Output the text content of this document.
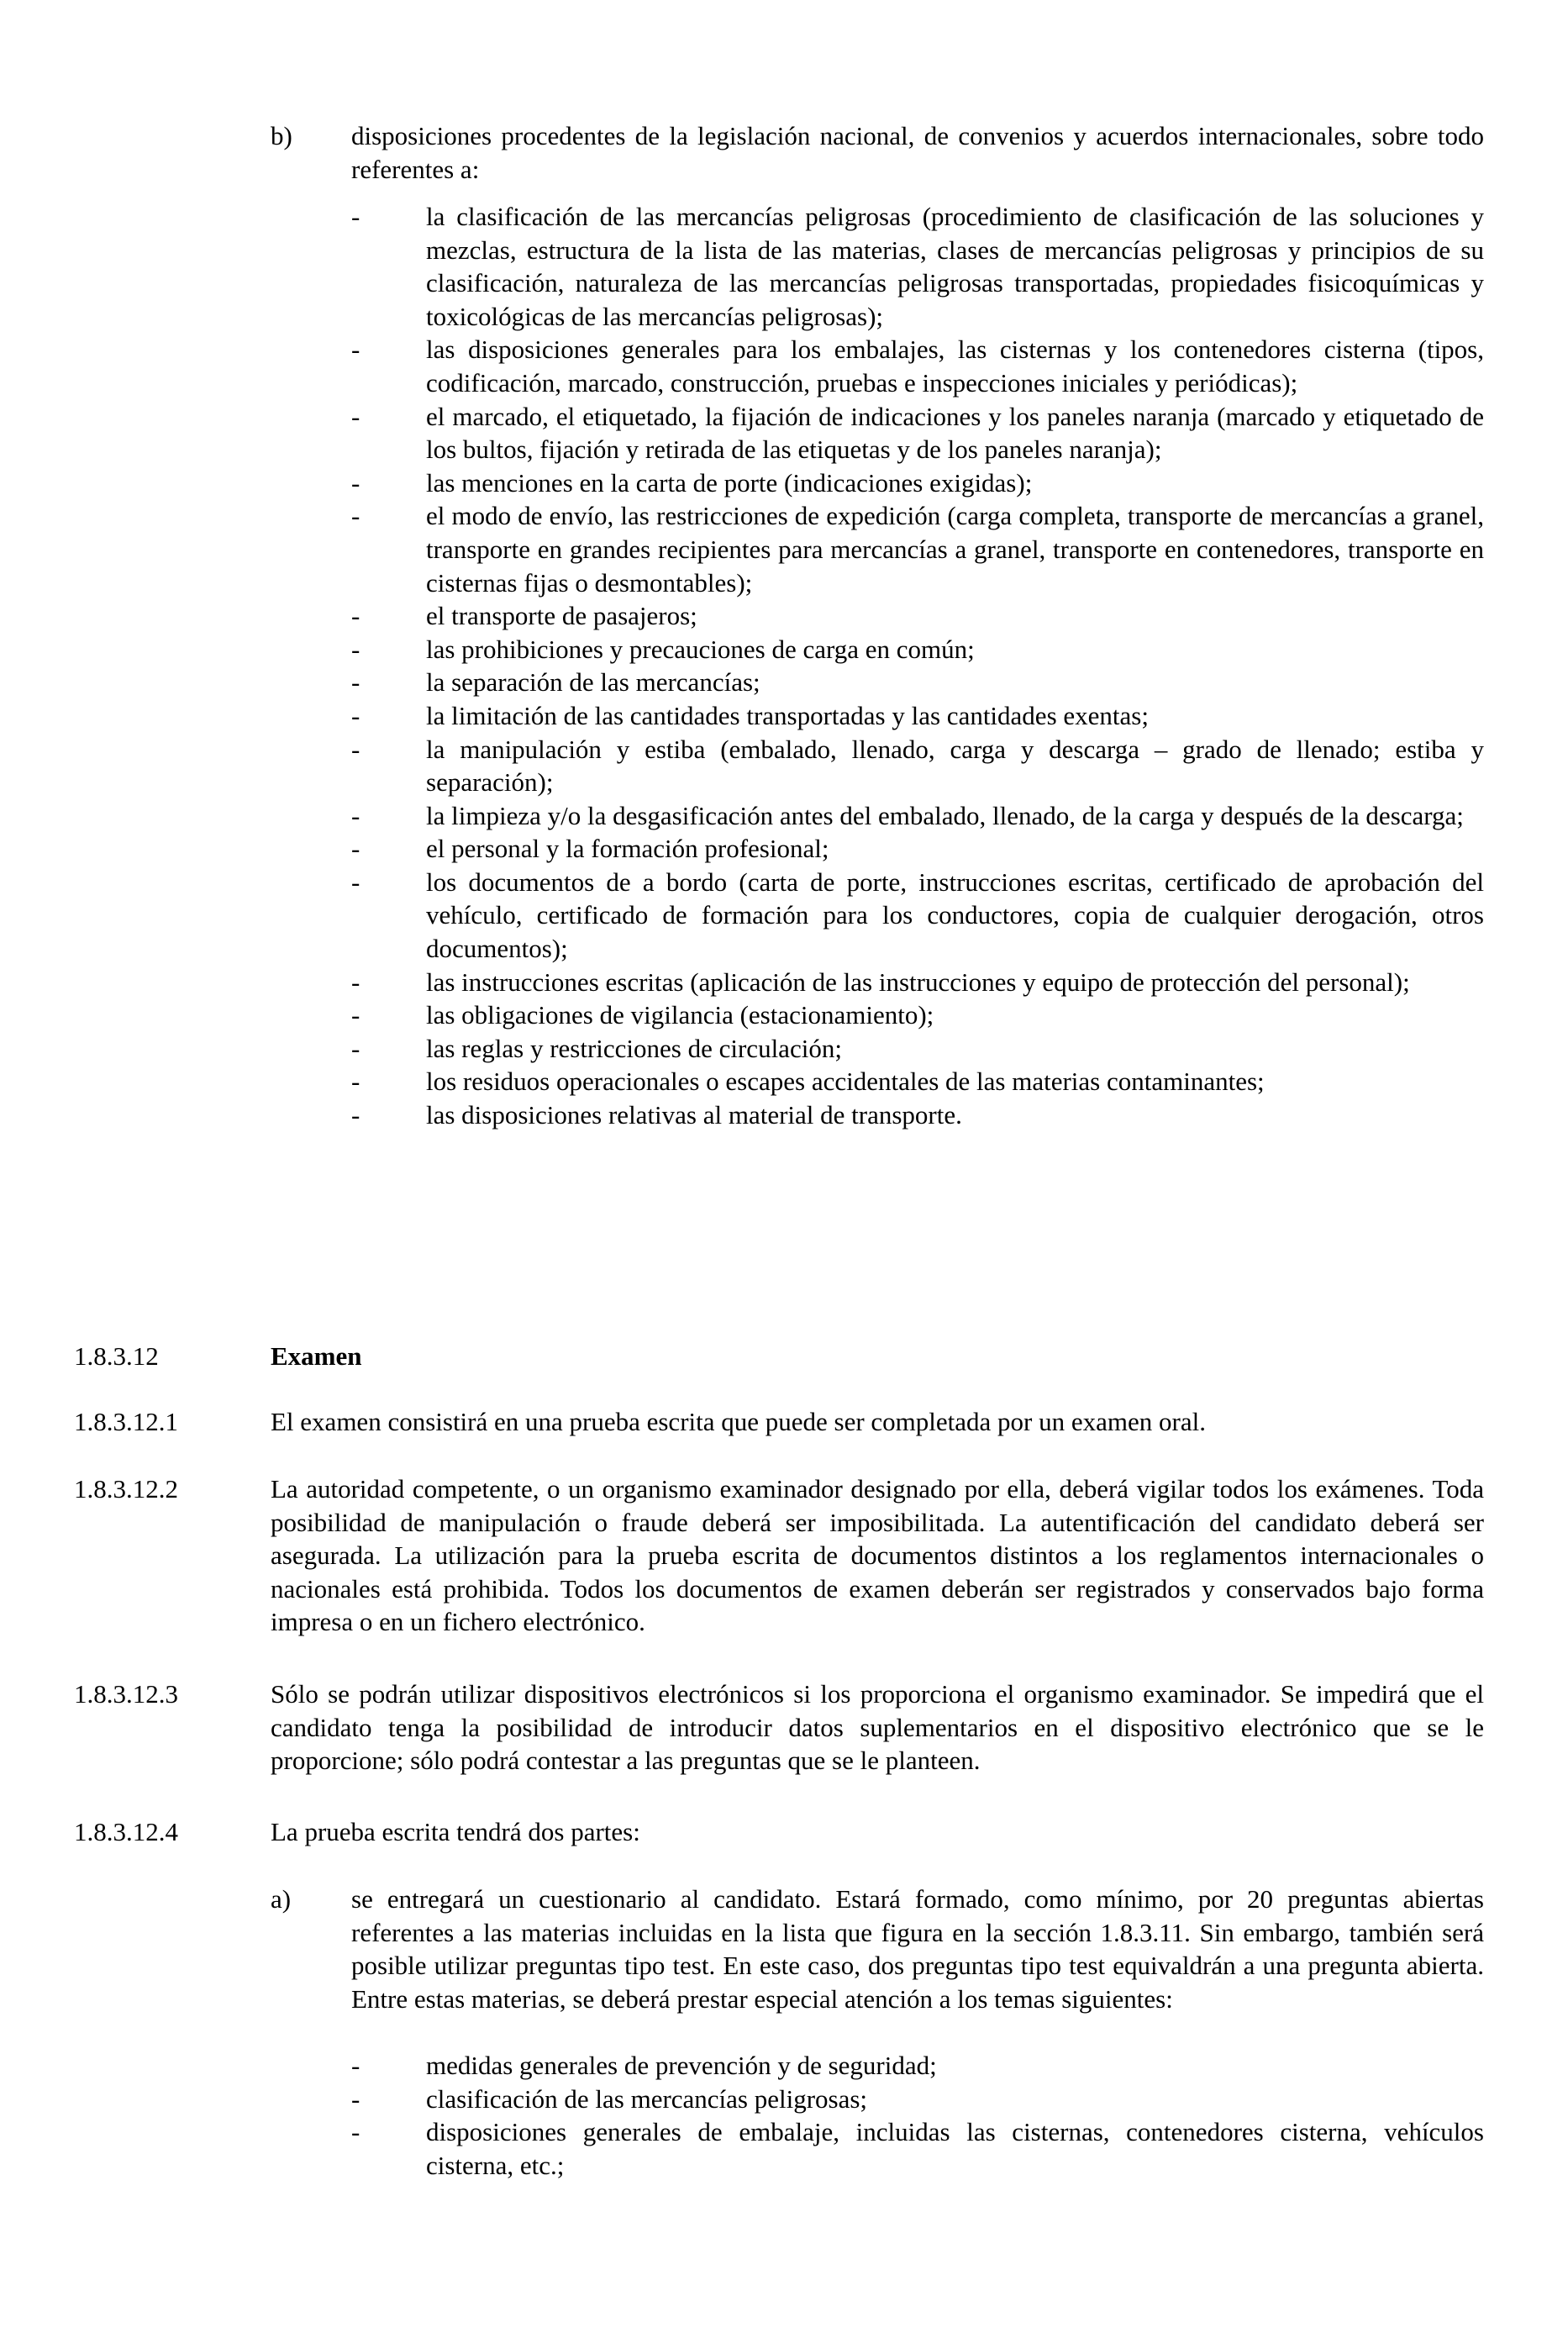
b) disposiciones procedentes de la legislación nacional, de convenios y acuerdos internacionales, sobre todo referentes a:
-	la clasificación de las mercancías peligrosas (procedimiento de clasificación de las soluciones y mezclas, estructura de la lista de las materias, clases de mercancías peligrosas y principios de su clasificación, naturaleza de las mercancías peligrosas transportadas, propiedades fisicoquímicas y toxicológicas de las mercancías peligrosas);
-	las disposiciones generales para los embalajes, las cisternas y los contenedores cisterna (tipos, codificación, marcado, construcción, pruebas e inspecciones iniciales y periódicas);
-	el marcado, el etiquetado, la fijación de indicaciones y los paneles naranja (marcado y etiquetado de los bultos, fijación y retirada de las etiquetas y de los paneles naranja);
-	las menciones en la carta de porte (indicaciones exigidas);
-	el modo de envío, las restricciones de expedición (carga completa, transporte de mercancías a granel, transporte en grandes recipientes para mercancías a granel, transporte en contenedores, transporte en cisternas fijas o desmontables);
-	el transporte de pasajeros;
-	las prohibiciones y precauciones de carga en común;
-	la separación de las mercancías;
-	la limitación de las cantidades transportadas y las cantidades exentas;
-	la manipulación y estiba (embalado, llenado, carga y descarga – grado de llenado; estiba y separación);
-	la limpieza y/o la desgasificación antes del embalado, llenado, de la carga y después de la descarga;
-	el personal y la formación profesional;
-	los documentos de a bordo (carta de porte, instrucciones escritas, certificado de aprobación del vehículo, certificado de formación para los conductores, copia de cualquier derogación, otros documentos);
-	las instrucciones escritas (aplicación de las instrucciones y equipo de protección del personal);
-	las obligaciones de vigilancia (estacionamiento);
-	las reglas y restricciones de circulación;
-	los residuos operacionales o escapes accidentales de las materias contaminantes;
-	las disposiciones relativas al material de transporte.
1.8.3.12	Examen
1.8.3.12.1	El examen consistirá en una prueba escrita que puede ser completada por un examen oral.
1.8.3.12.2	La autoridad competente, o un organismo examinador designado por ella, deberá vigilar todos los exámenes. Toda posibilidad de manipulación o fraude deberá ser imposibilitada. La autentificación del candidato deberá ser asegurada. La utilización para la prueba escrita de documentos distintos a los reglamentos internacionales o nacionales está prohibida. Todos los documentos de examen deberán ser registrados y conservados bajo forma impresa o en un fichero electrónico.
1.8.3.12.3	Sólo se podrán utilizar dispositivos electrónicos si los proporciona el organismo examinador. Se impedirá que el candidato tenga la posibilidad de introducir datos suplementarios en el dispositivo electrónico que se le proporcione; sólo podrá contestar a las preguntas que se le planteen.
1.8.3.12.4	La prueba escrita tendrá dos partes:
a) se entregará un cuestionario al candidato. Estará formado, como mínimo, por 20 preguntas abiertas referentes a las materias incluidas en la lista que figura en la sección 1.8.3.11. Sin embargo, también será posible utilizar preguntas tipo test. En este caso, dos preguntas tipo test equivaldrán a una pregunta abierta. Entre estas materias, se deberá prestar especial atención a los temas siguientes:
-	medidas generales de prevención y de seguridad;
-	clasificación de las mercancías peligrosas;
-	disposiciones generales de embalaje, incluidas las cisternas, contenedores cisterna, vehículos cisterna, etc.;
